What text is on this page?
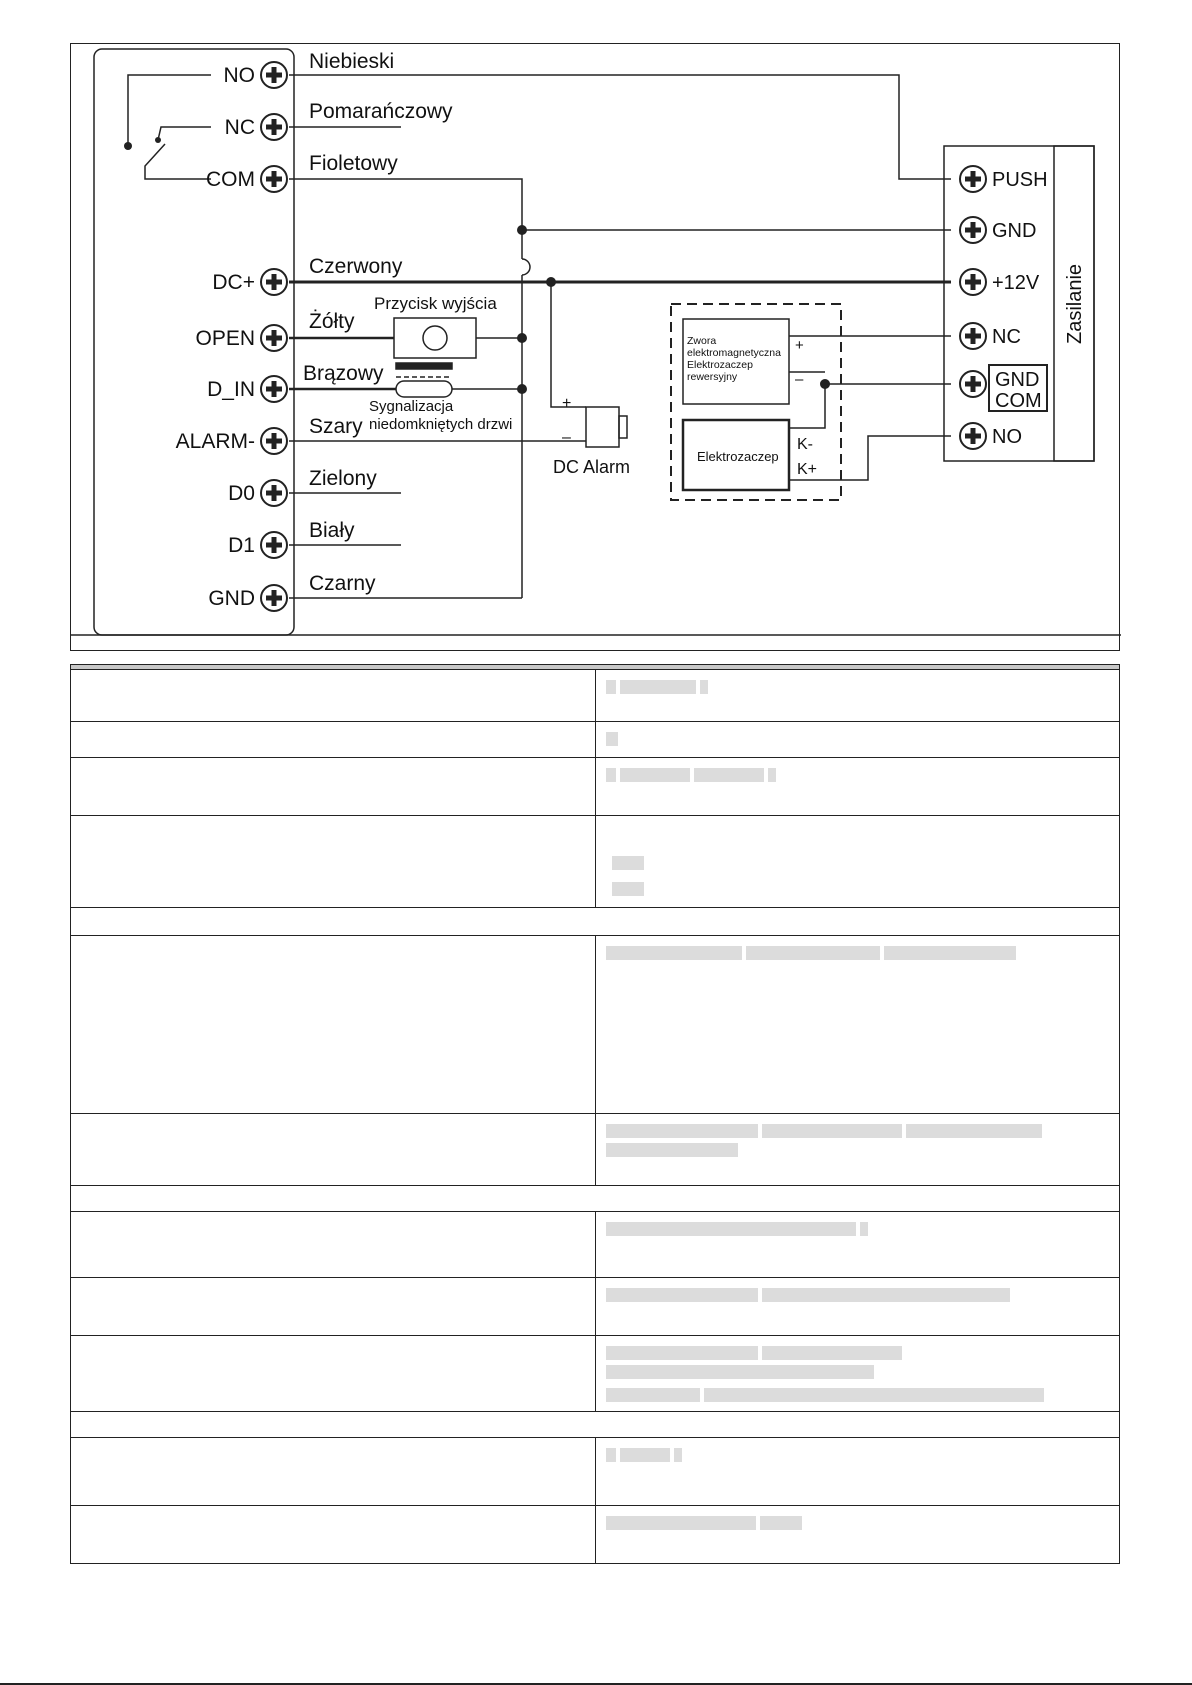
NO
NC
COM
DC+
OPEN
D_IN
ALARM-
D0
D1
GND
Niebieski
Pomarańczowy
Fioletowy
Czerwony
Żółty
Brązowy
Szary
Zielony
Biały
Czarny
Przycisk wyjścia
Sygnalizacja
niedomkniętych drzwi
DC Alarm
+
–
Zwora
elektromagnetyczna
Elektrozaczep
rewersyjny
+
–
Elektrozaczep
K-
K+
PUSH
GND
+12V
NC
GND
COM
NO
Zasilanie
